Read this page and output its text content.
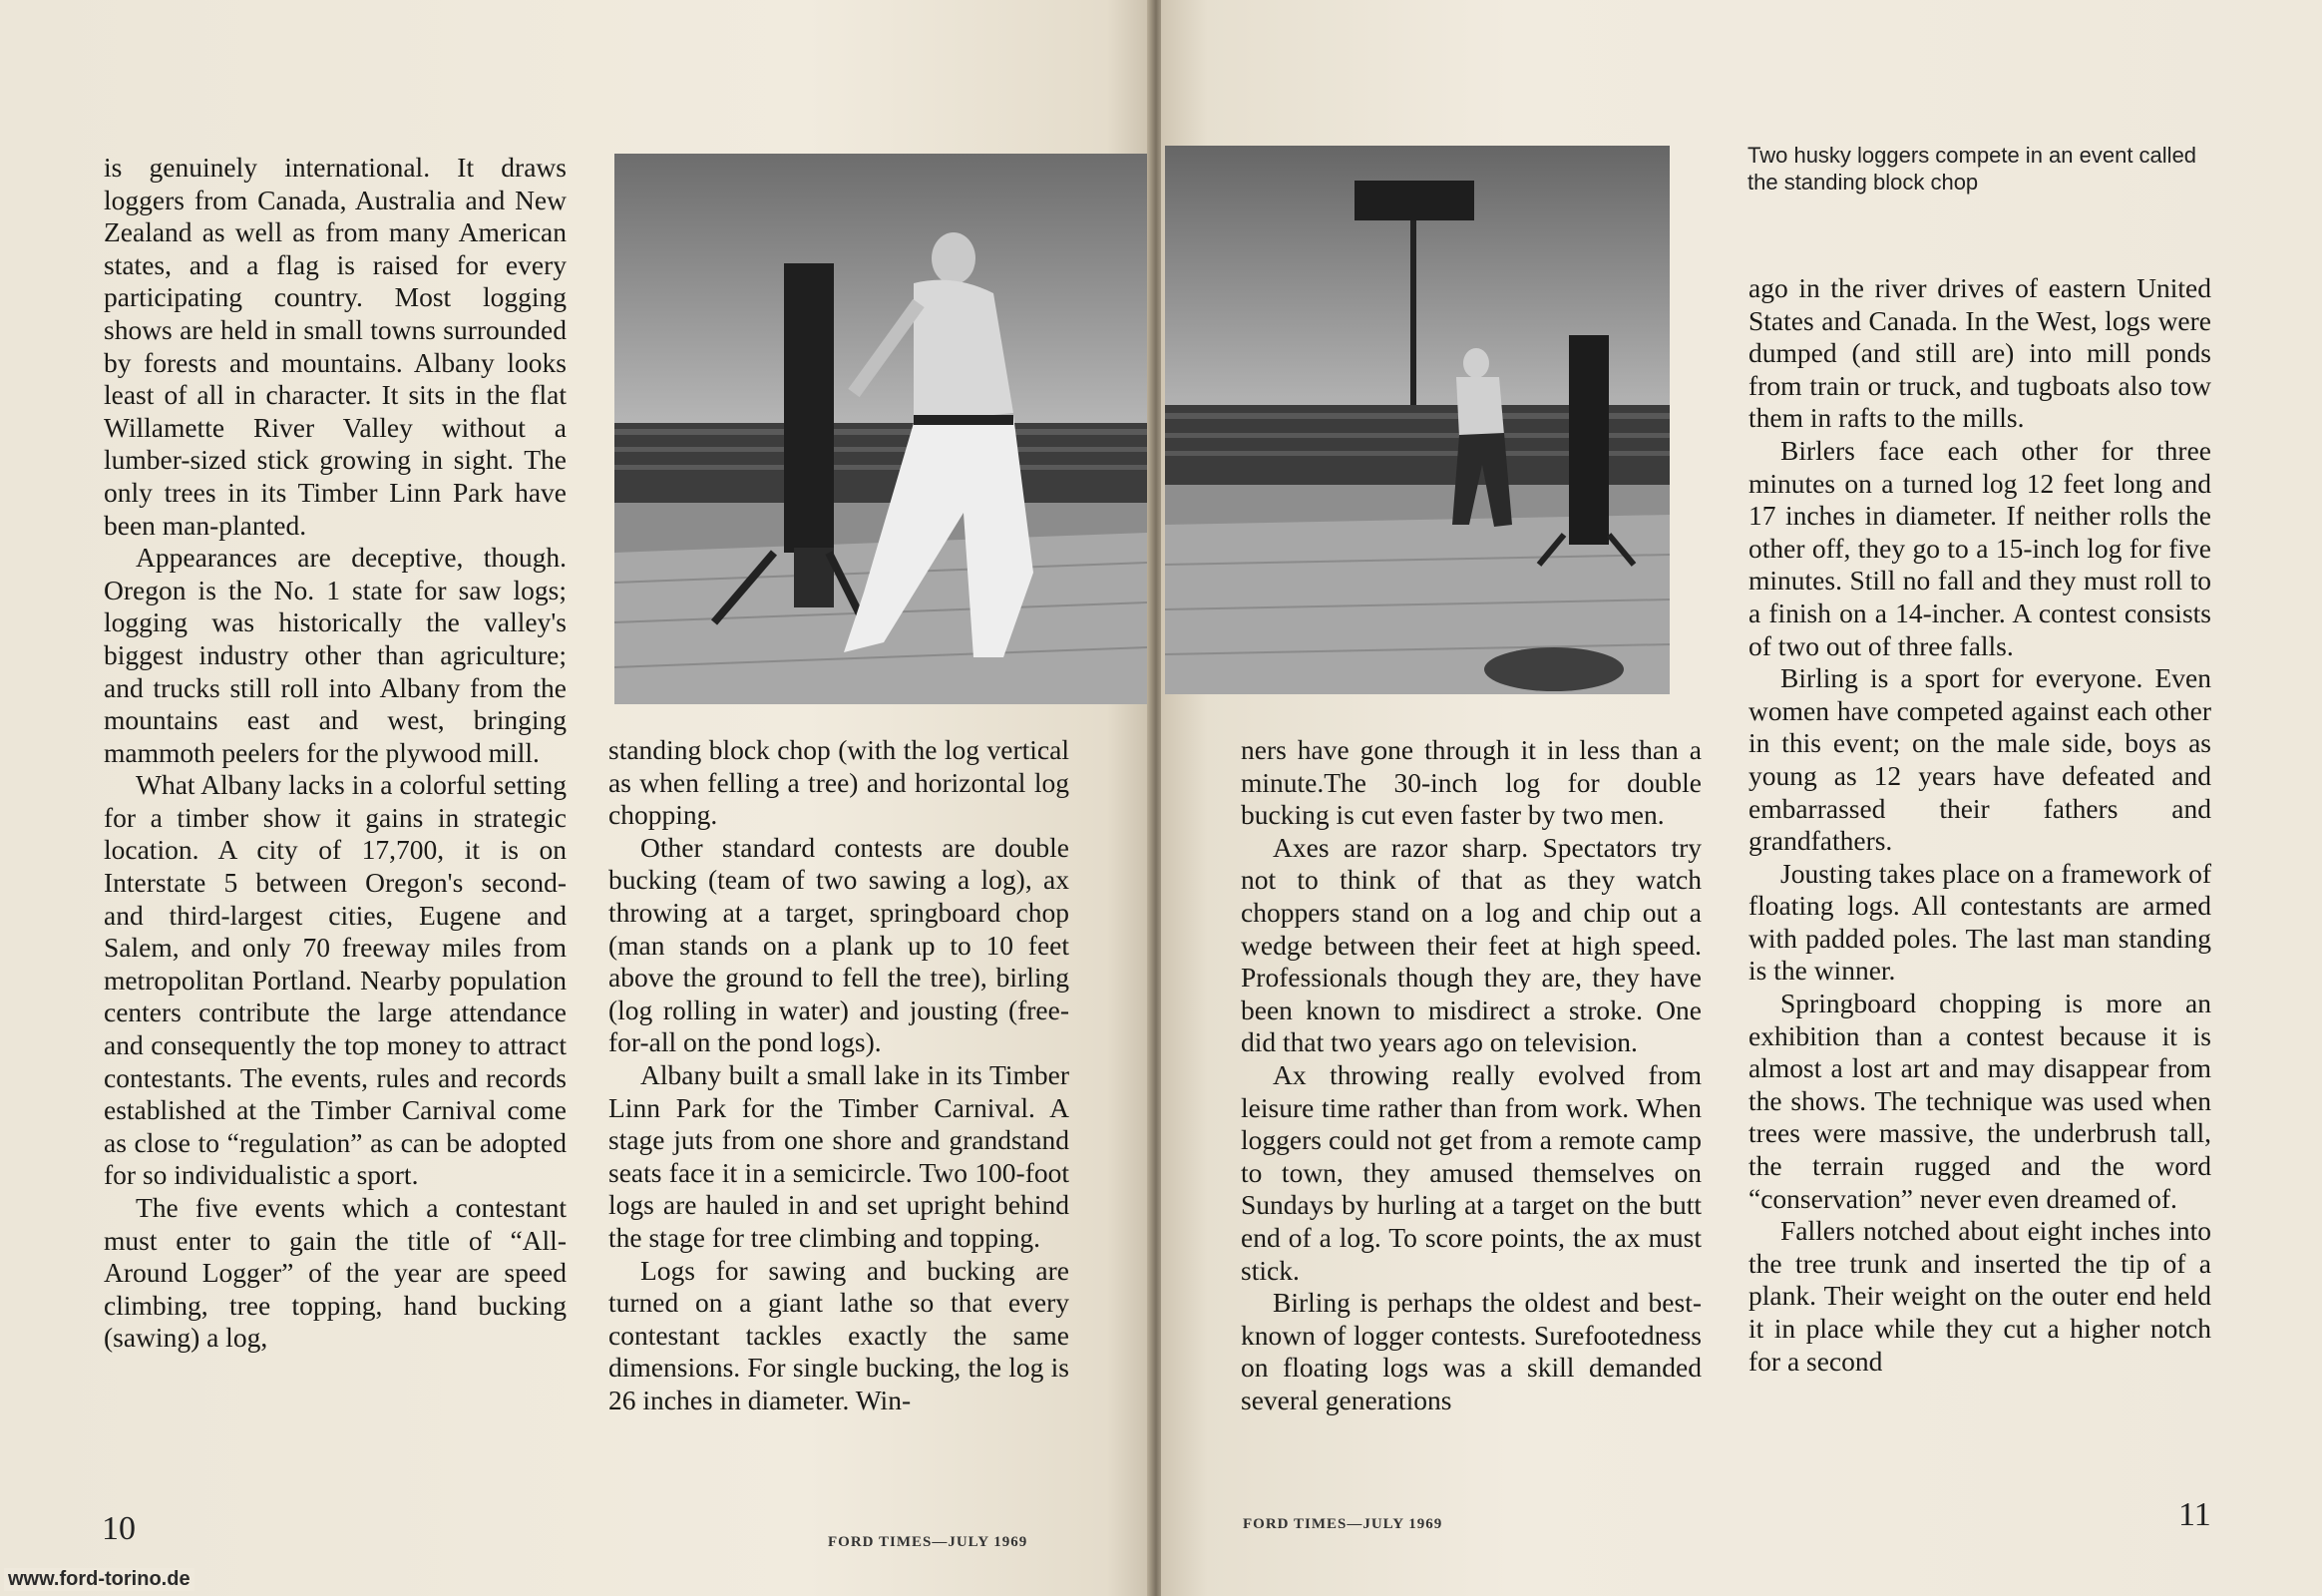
is genuinely international. It draws loggers from Canada, Australia and New Zealand as well as from many American states, and a flag is raised for every participating country. Most logging shows are held in small towns surrounded by forests and mountains. Albany looks least of all in character. It sits in the flat Willamette River Valley without a lumber-sized stick growing in sight. The only trees in its Timber Linn Park have been man-planted.

Appearances are deceptive, though. Oregon is the No. 1 state for saw logs; logging was historically the valley's biggest industry other than agriculture; and trucks still roll into Albany from the mountains east and west, bringing mammoth peelers for the plywood mill.

What Albany lacks in a colorful setting for a timber show it gains in strategic location. A city of 17,700, it is on Interstate 5 between Oregon's second- and third-largest cities, Eugene and Salem, and only 70 freeway miles from metropolitan Portland. Nearby population centers contribute the large attendance and consequently the top money to attract contestants. The events, rules and records established at the Timber Carnival come as close to “regulation” as can be adopted for so individualistic a sport.

The five events which a contestant must enter to gain the title of “All-Around Logger” of the year are speed climbing, tree topping, hand bucking (sawing) a log,

standing block chop (with the log vertical as when felling a tree) and horizontal log chopping.

Other standard contests are double bucking (team of two sawing a log), ax throwing at a target, springboard chop (man stands on a plank up to 10 feet above the ground to fell the tree), birling (log rolling in water) and jousting (free-for-all on the pond logs).

Albany built a small lake in its Timber Linn Park for the Timber Carnival. A stage juts from one shore and grandstand seats face it in a semicircle. Two 100-foot logs are hauled in and set upright behind the stage for tree climbing and topping.

Logs for sawing and bucking are turned on a giant lathe so that every contestant tackles exactly the same dimensions. For single bucking, the log is 26 inches in diameter. Win-

10	FORD TIMES—JULY 1969
Two husky loggers compete in an event called the standing block chop

ners have gone through it in less than a minute.The 30-inch log for double bucking is cut even faster by two men.

Axes are razor sharp. Spectators try not to think of that as they watch choppers stand on a log and chip out a wedge between their feet at high speed. Professionals though they are, they have been known to misdirect a stroke. One did that two years ago on television.

Ax throwing really evolved from leisure time rather than from work. When loggers could not get from a remote camp to town, they amused themselves on Sundays by hurling at a target on the butt end of a log. To score points, the ax must stick.

Birling is perhaps the oldest and best-known of logger contests. Surefootedness on floating logs was a skill demanded several generations

ago in the river drives of eastern United States and Canada. In the West, logs were dumped (and still are) into mill ponds from train or truck, and tugboats also tow them in rafts to the mills.

Birlers face each other for three minutes on a turned log 12 feet long and 17 inches in diameter. If neither rolls the other off, they go to a 15-inch log for five minutes. Still no fall and they must roll to a finish on a 14-incher. A contest consists of two out of three falls.

Birling is a sport for everyone. Even women have competed against each other in this event; on the male side, boys as young as 12 years have defeated and embarrassed their fathers and grandfathers.

Jousting takes place on a framework of floating logs. All contestants are armed with padded poles. The last man standing is the winner.

Springboard chopping is more an exhibition than a contest because it is almost a lost art and may disappear from the shows. The technique was used when trees were massive, the underbrush tall, the terrain rugged and the word “conservation” never even dreamed of.

Fallers notched about eight inches into the tree trunk and inserted the tip of a plank. Their weight on the outer end held it in place while they cut a higher notch for a second

FORD TIMES—JULY 1969	11
www.ford-torino.de
